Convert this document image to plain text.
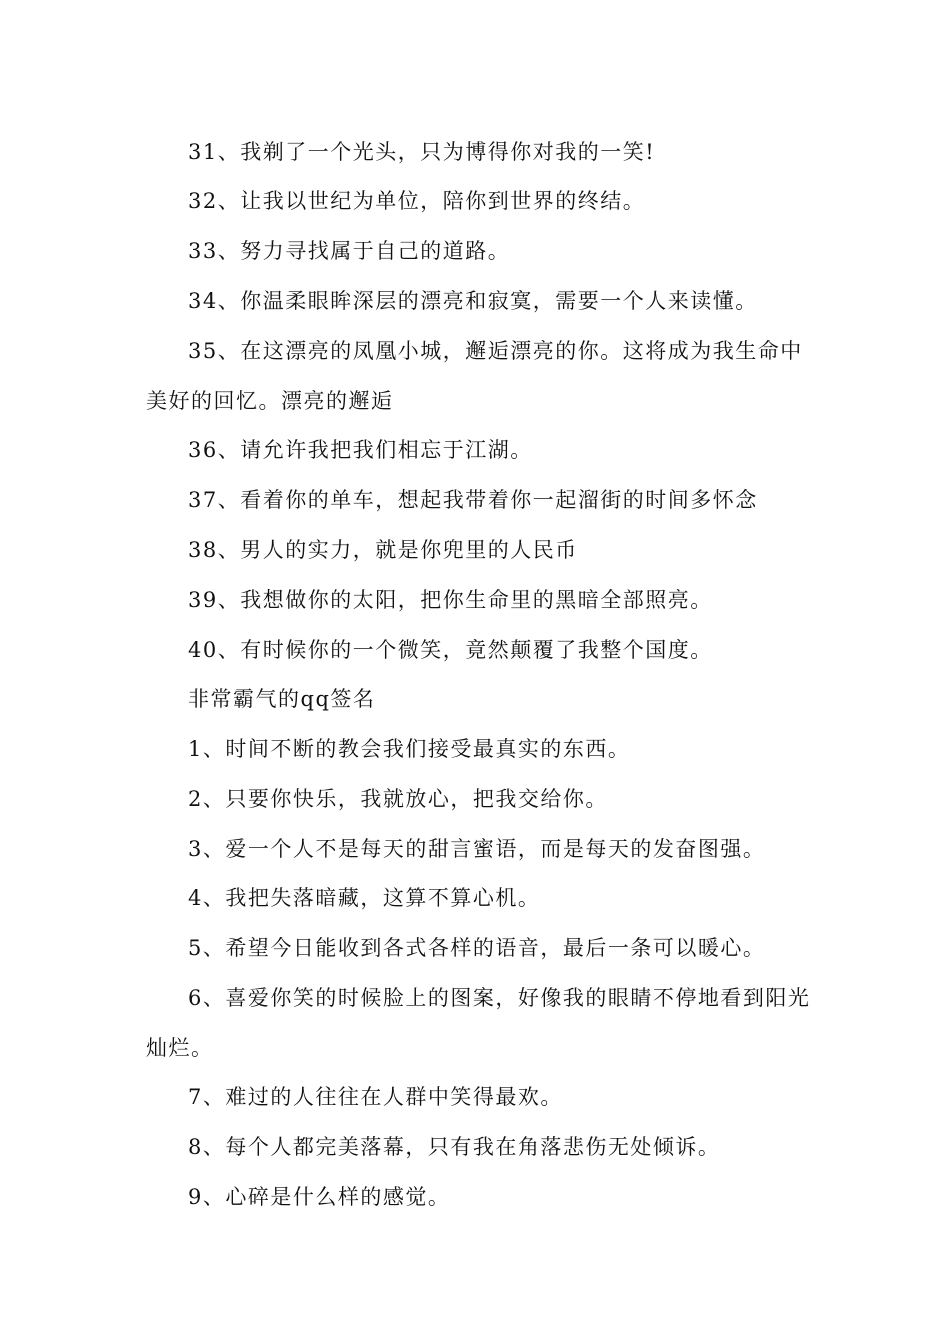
31、我剃了一个光头，只为博得你对我的一笑!
32、让我以世纪为单位，陪你到世界的终结。
33、努力寻找属于自己的道路。
34、你温柔眼眸深层的漂亮和寂寞，需要一个人来读懂。
35、在这漂亮的凤凰小城，邂逅漂亮的你。这将成为我生命中
美好的回忆。漂亮的邂逅
36、请允许我把我们相忘于江湖。
37、看着你的单车，想起我带着你一起溜街的时间多怀念
38、男人的实力，就是你兜里的人民币
39、我想做你的太阳，把你生命里的黑暗全部照亮。
40、有时候你的一个微笑，竟然颠覆了我整个国度。
非常霸气的qq签名
1、时间不断的教会我们接受最真实的东西。
2、只要你快乐，我就放心，把我交给你。
3、爱一个人不是每天的甜言蜜语，而是每天的发奋图强。
4、我把失落暗藏，这算不算心机。
5、希望今日能收到各式各样的语音，最后一条可以暖心。
6、喜爱你笑的时候脸上的图案，好像我的眼睛不停地看到阳光
灿烂。
7、难过的人往往在人群中笑得最欢。
8、每个人都完美落幕，只有我在角落悲伤无处倾诉。
9、心碎是什么样的感觉。
